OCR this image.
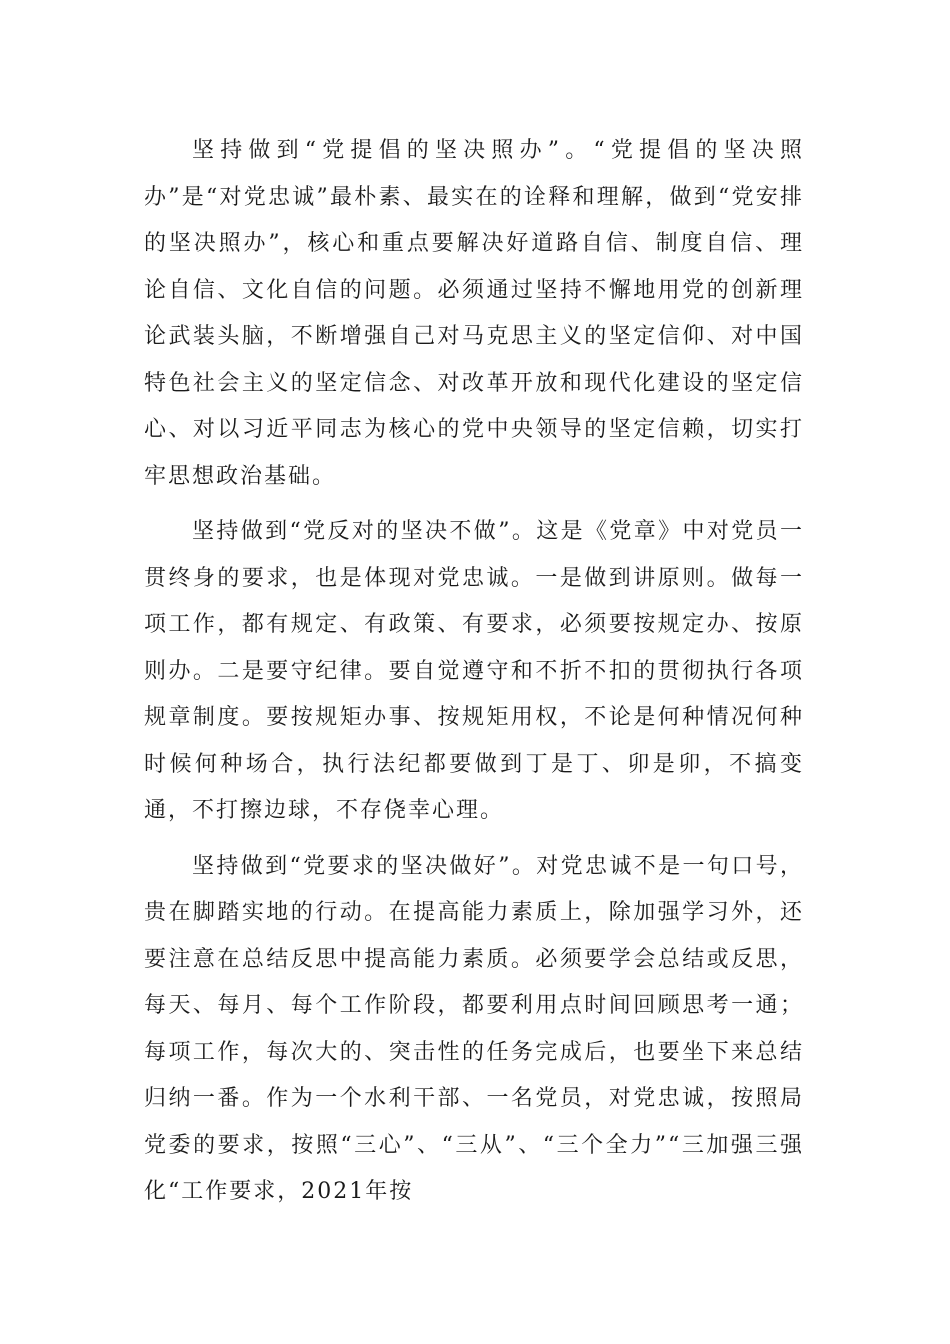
坚持做到“党提倡的坚决照办”。“党提倡的坚决照办”是“对党忠诚”最朴素、最实在的诠释和理解，做到“党安排的坚决照办”，核心和重点要解决好道路自信、制度自信、理论自信、文化自信的问题。必须通过坚持不懈地用党的创新理论武装头脑，不断增强自己对马克思主义的坚定信仰、对中国特色社会主义的坚定信念、对改革开放和现代化建设的坚定信心、对以习近平同志为核心的党中央领导的坚定信赖，切实打牢思想政治基础。

坚持做到“党反对的坚决不做”。这是《党章》中对党员一贯终身的要求，也是体现对党忠诚。一是做到讲原则。做每一项工作，都有规定、有政策、有要求，必须要按规定办、按原则办。二是要守纪律。要自觉遵守和不折不扣的贯彻执行各项规章制度。要按规矩办事、按规矩用权，不论是何种情况何种时候何种场合，执行法纪都要做到丁是丁、卯是卯，不搞变通，不打擦边球，不存侥幸心理。

坚持做到“党要求的坚决做好”。对党忠诚不是一句口号，贵在脚踏实地的行动。在提高能力素质上，除加强学习外，还要注意在总结反思中提高能力素质。必须要学会总结或反思，每天、每月、每个工作阶段，都要利用点时间回顾思考一通；每项工作，每次大的、突击性的任务完成后，也要坐下来总结归纳一番。作为一个水利干部、一名党员，对党忠诚，按照局党委的要求，按照“三心”、“三从”、“三个全力”“三加强三强化“工作要求，2021年按
